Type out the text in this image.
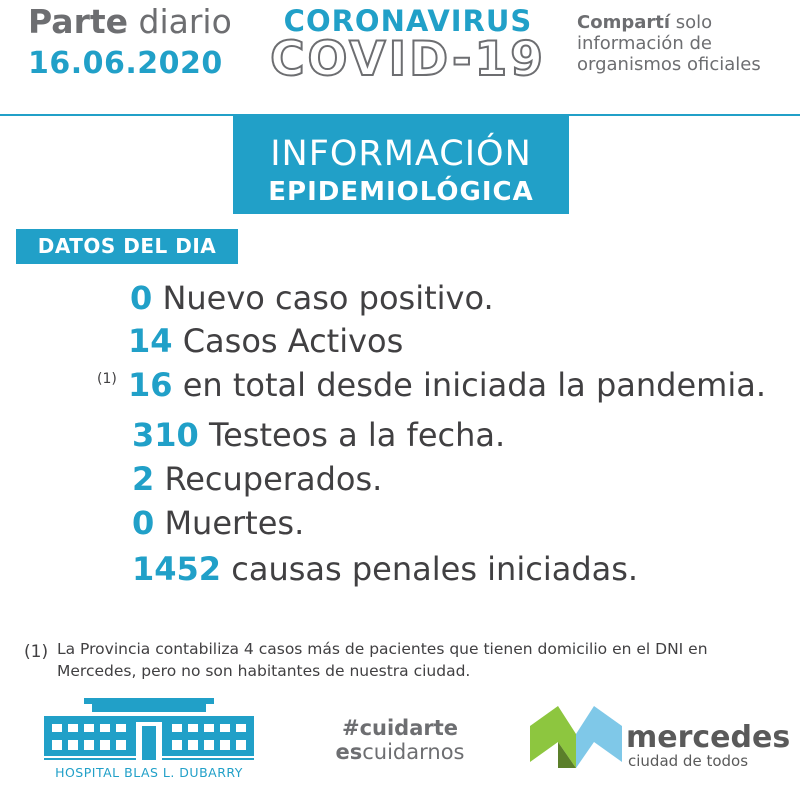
Parte diario
16.06.2020
CORONAVIRUS
COVID-19
Compartí solo
información de
organismos oficiales
INFORMACIÓN
EPIDEMIOLÓGICA
DATOS DEL DIA
0 Nuevo caso positivo.
14 Casos Activos
(1) 16 en total desde iniciada la pandemia.
310 Testeos a la fecha.
2 Recuperados.
0 Muertes.
1452 causas penales iniciadas.
(1) La Provincia contabiliza 4 casos más de pacientes que tienen domicilio en el DNI en Mercedes, pero no son habitantes de nuestra ciudad.
HOSPITAL BLAS L. DUBARRY
#cuidarte
escuidarnos	mercedes
ciudad de todos
